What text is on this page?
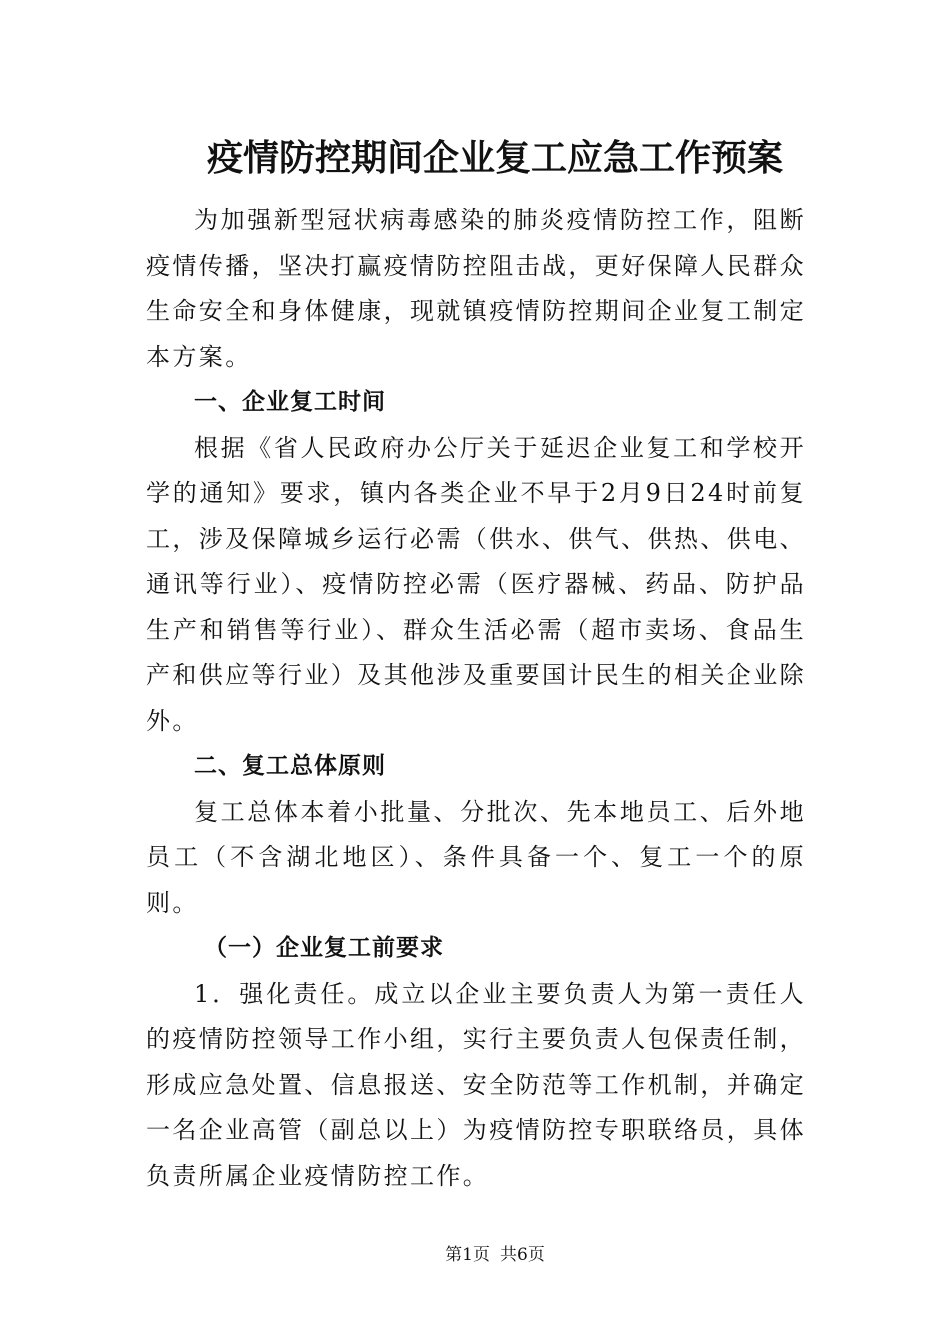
疫情防控期间企业复工应急工作预案

为加强新型冠状病毒感染的肺炎疫情防控工作，阻断疫情传播，坚决打赢疫情防控阻击战，更好保障人民群众生命安全和身体健康，现就镇疫情防控期间企业复工制定本方案。

一、企业复工时间

根据《省人民政府办公厅关于延迟企业复工和学校开学的通知》要求，镇内各类企业不早于2月9日24时前复工，涉及保障城乡运行必需（供水、供气、供热、供电、通讯等行业）、疫情防控必需（医疗器械、药品、防护品生产和销售等行业）、群众生活必需（超市卖场、食品生产和供应等行业）及其他涉及重要国计民生的相关企业除外。

二、复工总体原则

复工总体本着小批量、分批次、先本地员工、后外地员工（不含湖北地区）、条件具备一个、复工一个的原则。

（一）企业复工前要求

1．强化责任。成立以企业主要负责人为第一责任人的疫情防控领导工作小组，实行主要负责人包保责任制，形成应急处置、信息报送、安全防范等工作机制，并确定一名企业高管（副总以上）为疫情防控专职联络员，具体负责所属企业疫情防控工作。

第1页 共6页
